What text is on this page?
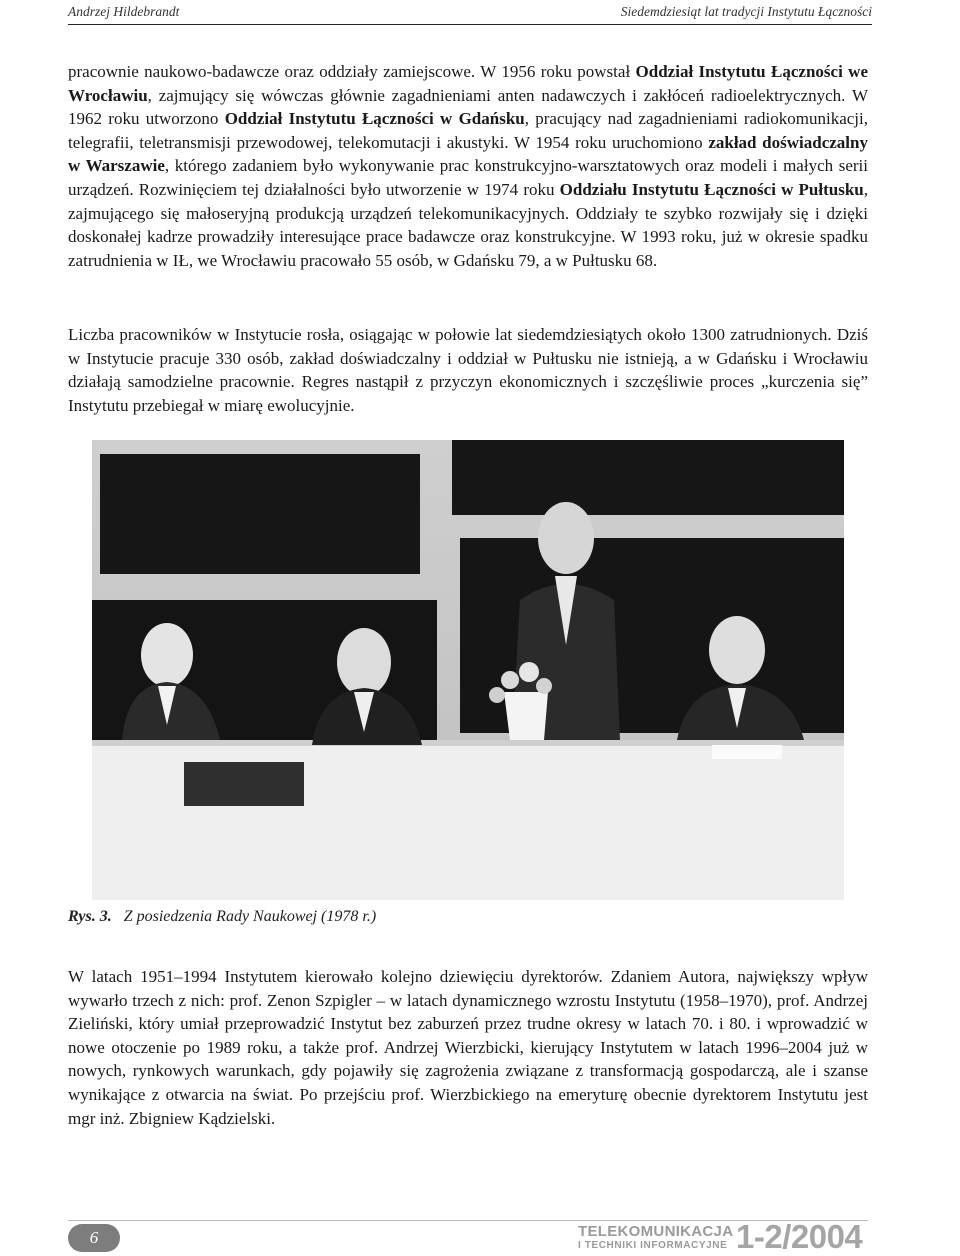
Andrzej Hildebrandt	Siedemdziesiąt lat tradycji Instytutu Łączności

pracownie naukowo-badawcze oraz oddziały zamiejscowe. W 1956 roku powstał Oddział Instytutu Łączności we Wrocławiu, zajmujący się wówczas głównie zagadnieniami anten nadawczych i zakłóceń radioelektrycznych. W 1962 roku utworzono Oddział Instytutu Łączności w Gdańsku, pracujący nad zagadnieniami radiokomunikacji, telegrafii, teletransmisji przewodowej, telekomutacji i akustyki. W 1954 roku uruchomiono zakład doświadczalny w Warszawie, którego zadaniem było wykonywanie prac konstrukcyjno-warsztatowych oraz modeli i małych serii urządzeń. Rozwinięciem tej działalności było utworzenie w 1974 roku Oddziału Instytutu Łączności w Pułtusku, zajmującego się małoseryjną produkcją urządzeń telekomunikacyjnych. Oddziały te szybko rozwijały się i dzięki doskonałej kadrze prowadziły interesujące prace badawcze oraz konstrukcyjne. W 1993 roku, już w okresie spadku zatrudnienia w IŁ, we Wrocławiu pracowało 55 osób, w Gdańsku 79, a w Pułtusku 68.

Liczba pracowników w Instytucie rosła, osiągając w połowie lat siedemdziesiątych około 1300 zatrudnionych. Dziś w Instytucie pracuje 330 osób, zakład doświadczalny i oddział w Pułtusku nie istnieją, a w Gdańsku i Wrocławiu działają samodzielne pracownie. Regres nastąpił z przyczyn ekonomicznych i szczęśliwie proces „kurczenia się” Instytutu przebiegał w miarę ewolucyjnie.

Rys. 3. Z posiedzenia Rady Naukowej (1978 r.)

W latach 1951–1994 Instytutem kierowało kolejno dziewięciu dyrektorów. Zdaniem Autora, największy wpływ wywarło trzech z nich: prof. Zenon Szpigler – w latach dynamicznego wzrostu Instytutu (1958–1970), prof. Andrzej Zieliński, który umiał przeprowadzić Instytut bez zaburzeń przez trudne okresy w latach 70. i 80. i wprowadzić w nowe otoczenie po 1989 roku, a także prof. Andrzej Wierzbicki, kierujący Instytutem w latach 1996–2004 już w nowych, rynkowych warunkach, gdy pojawiły się zagrożenia związane z transformacją gospodarczą, ale i szanse wynikające z otwarcia na świat. Po przejściu prof. Wierzbickiego na emeryturę obecnie dyrektorem Instytutu jest mgr inż. Zbigniew Kądzielski.

6	TELEKOMUNIKACJA
I TECHNIKI INFORMACYJNE 1-2/2004
